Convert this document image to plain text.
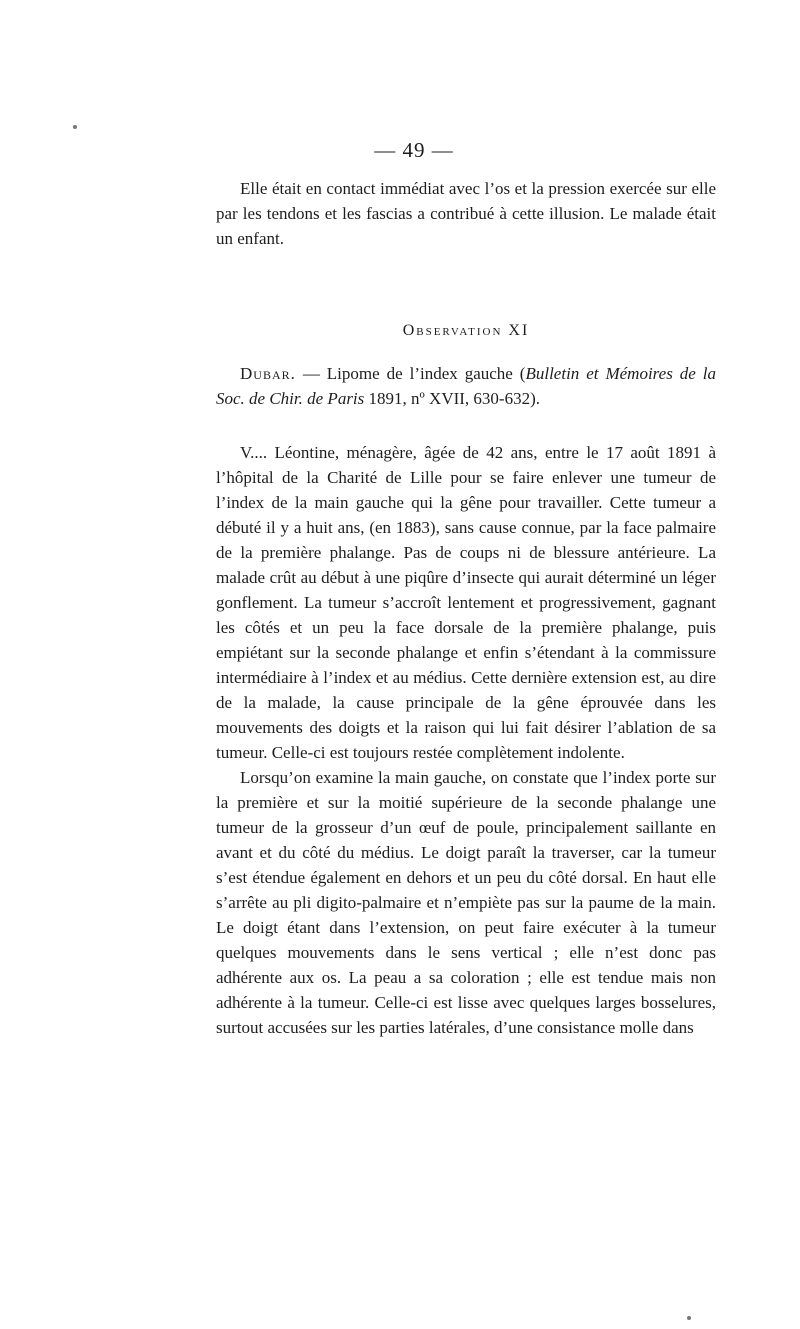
— 49 —

Elle était en contact immédiat avec l’os et la pression exercée sur elle par les tendons et les fascias a contribué à cette illusion. Le malade était un enfant.

Observation XI

Dubar. — Lipome de l’index gauche (Bulletin et Mémoires de la Soc. de Chir. de Paris 1891, nº XVII, 630-632).

V.... Léontine, ménagère, âgée de 42 ans, entre le 17 août 1891 à l’hôpital de la Charité de Lille pour se faire enlever une tumeur de l’index de la main gauche qui la gêne pour travailler. Cette tumeur a débuté il y a huit ans, (en 1883), sans cause connue, par la face palmaire de la première phalange. Pas de coups ni de blessure antérieure. La malade crût au début à une piqûre d’insecte qui aurait déterminé un léger gonflement. La tumeur s’accroît lentement et progressivement, gagnant les côtés et un peu la face dorsale de la première phalange, puis empiétant sur la seconde phalange et enfin s’étendant à la commissure intermédiaire à l’index et au médius. Cette dernière extension est, au dire de la malade, la cause principale de la gêne éprouvée dans les mouvements des doigts et la raison qui lui fait désirer l’ablation de sa tumeur. Celle-ci est toujours restée complètement indolente.

Lorsqu’on examine la main gauche, on constate que l’index porte sur la première et sur la moitié supérieure de la seconde phalange une tumeur de la grosseur d’un œuf de poule, principalement saillante en avant et du côté du médius. Le doigt paraît la traverser, car la tumeur s’est étendue également en dehors et un peu du côté dorsal. En haut elle s’arrête au pli digito-palmaire et n’empiète pas sur la paume de la main. Le doigt étant dans l’extension, on peut faire exécuter à la tumeur quelques mouvements dans le sens vertical ; elle n’est donc pas adhérente aux os. La peau a sa coloration ; elle est tendue mais non adhérente à la tumeur. Celle-ci est lisse avec quelques larges bosselures, surtout accusées sur les parties latérales, d’une consistance molle dans
